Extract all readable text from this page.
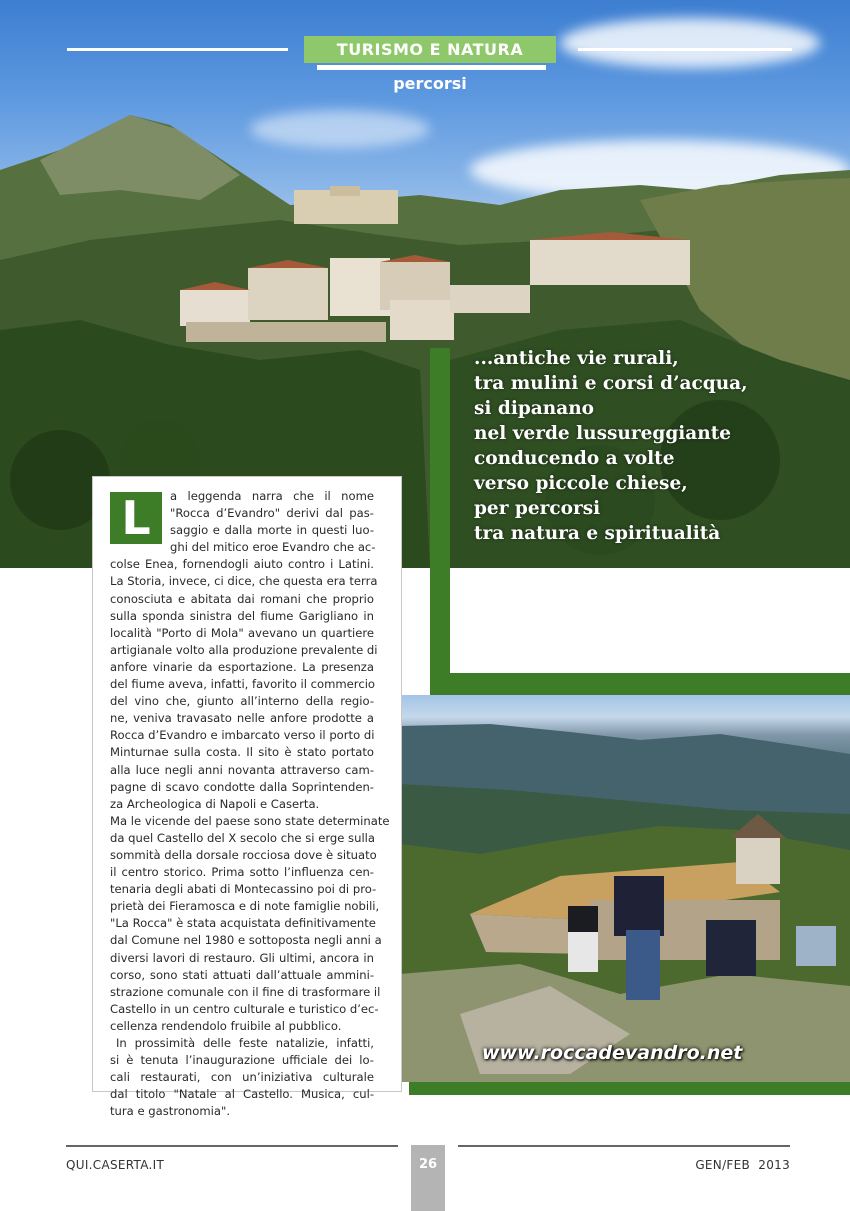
TURISMO E NATURA
percorsi
www.roccadevandro.net
...antiche vie rurali,
tra mulini e corsi d’acqua,
si dipanano
nel verde lussureggiante
conducendo a volte
verso piccole chiese,
per percorsi
tra natura e spiritualità
L	a leggenda narra che il nome
"Rocca d’Evandro" derivi dal pas-
saggio e dalla morte in questi luo-
ghi del mitico eroe Evandro che ac-
colse Enea, fornendogli aiuto contro i Latini.
La Storia, invece, ci dice, che questa era terra
conosciuta e abitata dai romani che proprio
sulla sponda sinistra del fiume Garigliano in
località "Porto di Mola" avevano un quartiere
artigianale volto alla produzione prevalente di
anfore vinarie da esportazione. La presenza
del fiume aveva, infatti, favorito il commercio
del vino che, giunto all’interno della regio-
ne, veniva travasato nelle anfore prodotte a
Rocca d’Evandro e imbarcato verso il porto di
Minturnae sulla costa. Il sito è stato portato
alla luce negli anni novanta attraverso cam-
pagne di scavo condotte dalla Soprintenden-
za Archeologica di Napoli e Caserta.
Ma le vicende del paese sono state determinate
da quel Castello del X secolo che si erge sulla
sommità della dorsale rocciosa dove è situato
il centro storico. Prima sotto l’influenza cen-
tenaria degli abati di Montecassino poi di pro-
prietà dei Fieramosca e di note famiglie nobili,
"La Rocca" è stata acquistata definitivamente
dal Comune nel 1980 e sottoposta negli anni a
diversi lavori di restauro. Gli ultimi, ancora in
corso, sono stati attuati dall’attuale ammini-
strazione comunale con il fine di trasformare il
Castello in un centro culturale e turistico d’ec-
cellenza rendendolo fruibile al pubblico.
In prossimità delle feste natalizie, infatti,
si è tenuta l’inaugurazione ufficiale dei lo-
cali restaurati, con un’iniziativa culturale
dal titolo "Natale al Castello. Musica, cul-
tura e gastronomia".
QUI.CASERTA.IT	26	GEN/FEB  2013
